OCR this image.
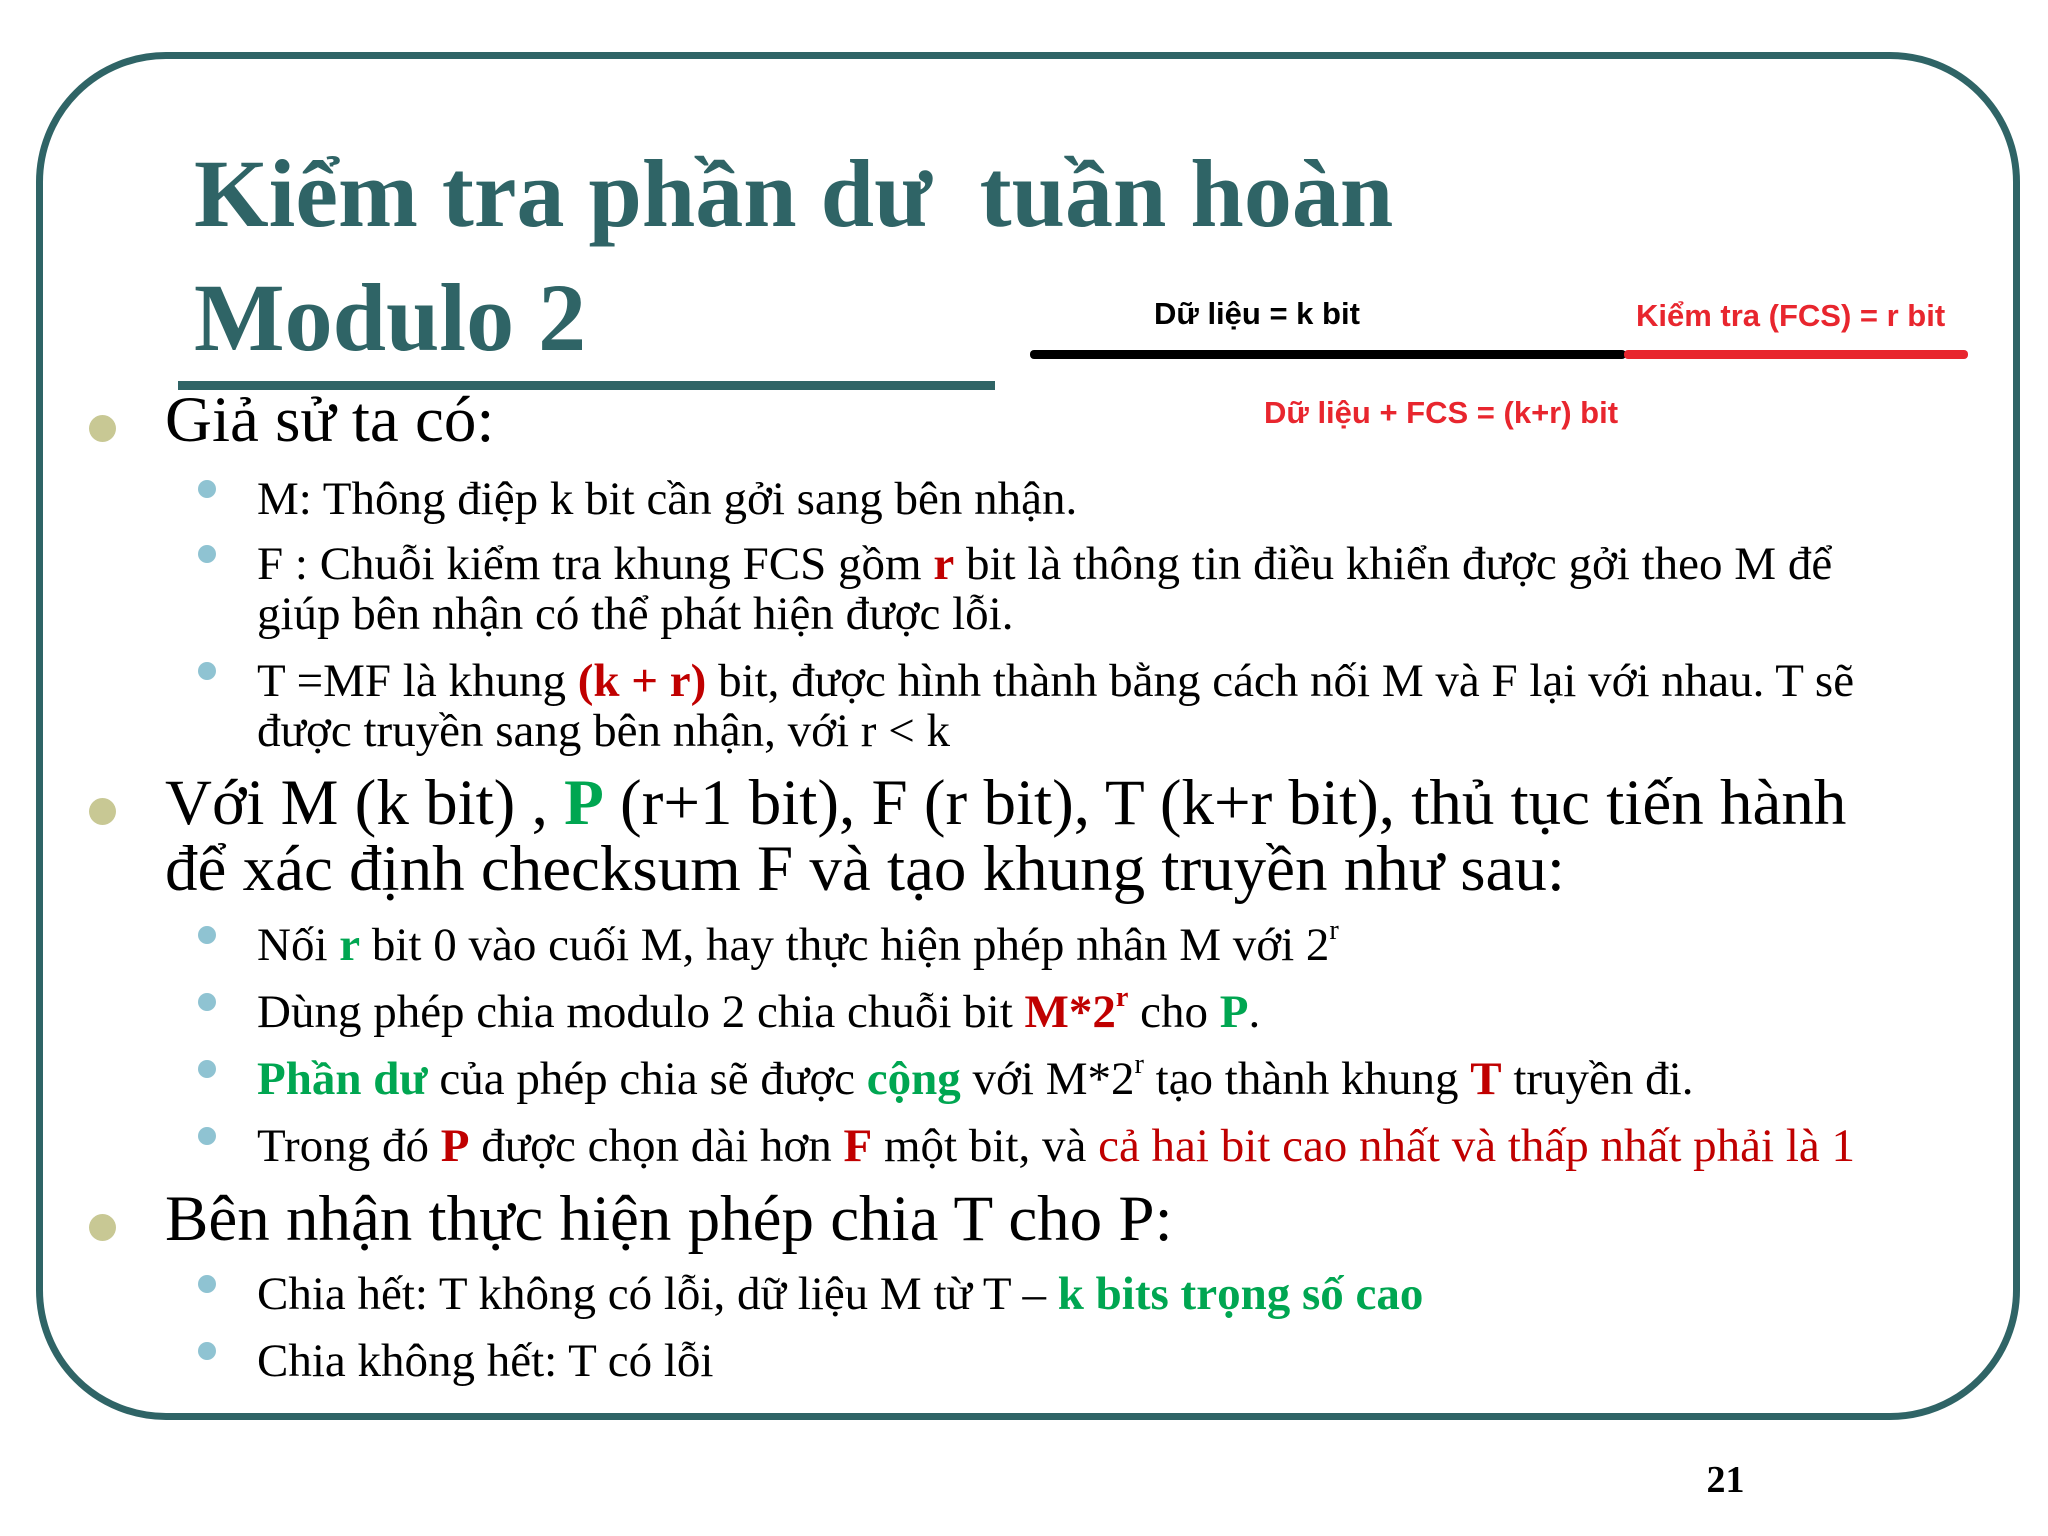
Kiểm tra phần dư  tuần hoàn
Modulo 2	Dữ liệu = k bit	Kiểm tra (FCS) = r bit
Dữ liệu + FCS = (k+r) bit
Giả sử ta có:
M: Thông điệp k bit cần gởi sang bên nhận.
F : Chuỗi kiểm tra khung FCS gồm r bit là thông tin điều khiển được gởi theo M để
giúp bên nhận có thể phát hiện được lỗi.
T =MF là khung (k + r) bit, được hình thành bằng cách nối M và F lại với nhau. T sẽ
được truyền sang bên nhận, với r < k
Với M (k bit) , P (r+1 bit), F (r bit), T (k+r bit), thủ tục tiến hành
để xác định checksum F và tạo khung truyền như sau:
Nối r bit 0 vào cuối M, hay thực hiện phép nhân M với 2$^r$
Dùng phép chia modulo 2 chia chuỗi bit M*2$^r$ cho P.
Phần dư của phép chia sẽ được cộng với M*2$^r$ tạo thành khung T truyền đi.
Trong đó P được chọn dài hơn F một bit, và cả hai bit cao nhất và thấp nhất phải là 1
Bên nhận thực hiện phép chia T cho P:
Chia hết: T không có lỗi, dữ liệu M từ T – k bits trọng số cao
Chia không hết: T có lỗi
21
